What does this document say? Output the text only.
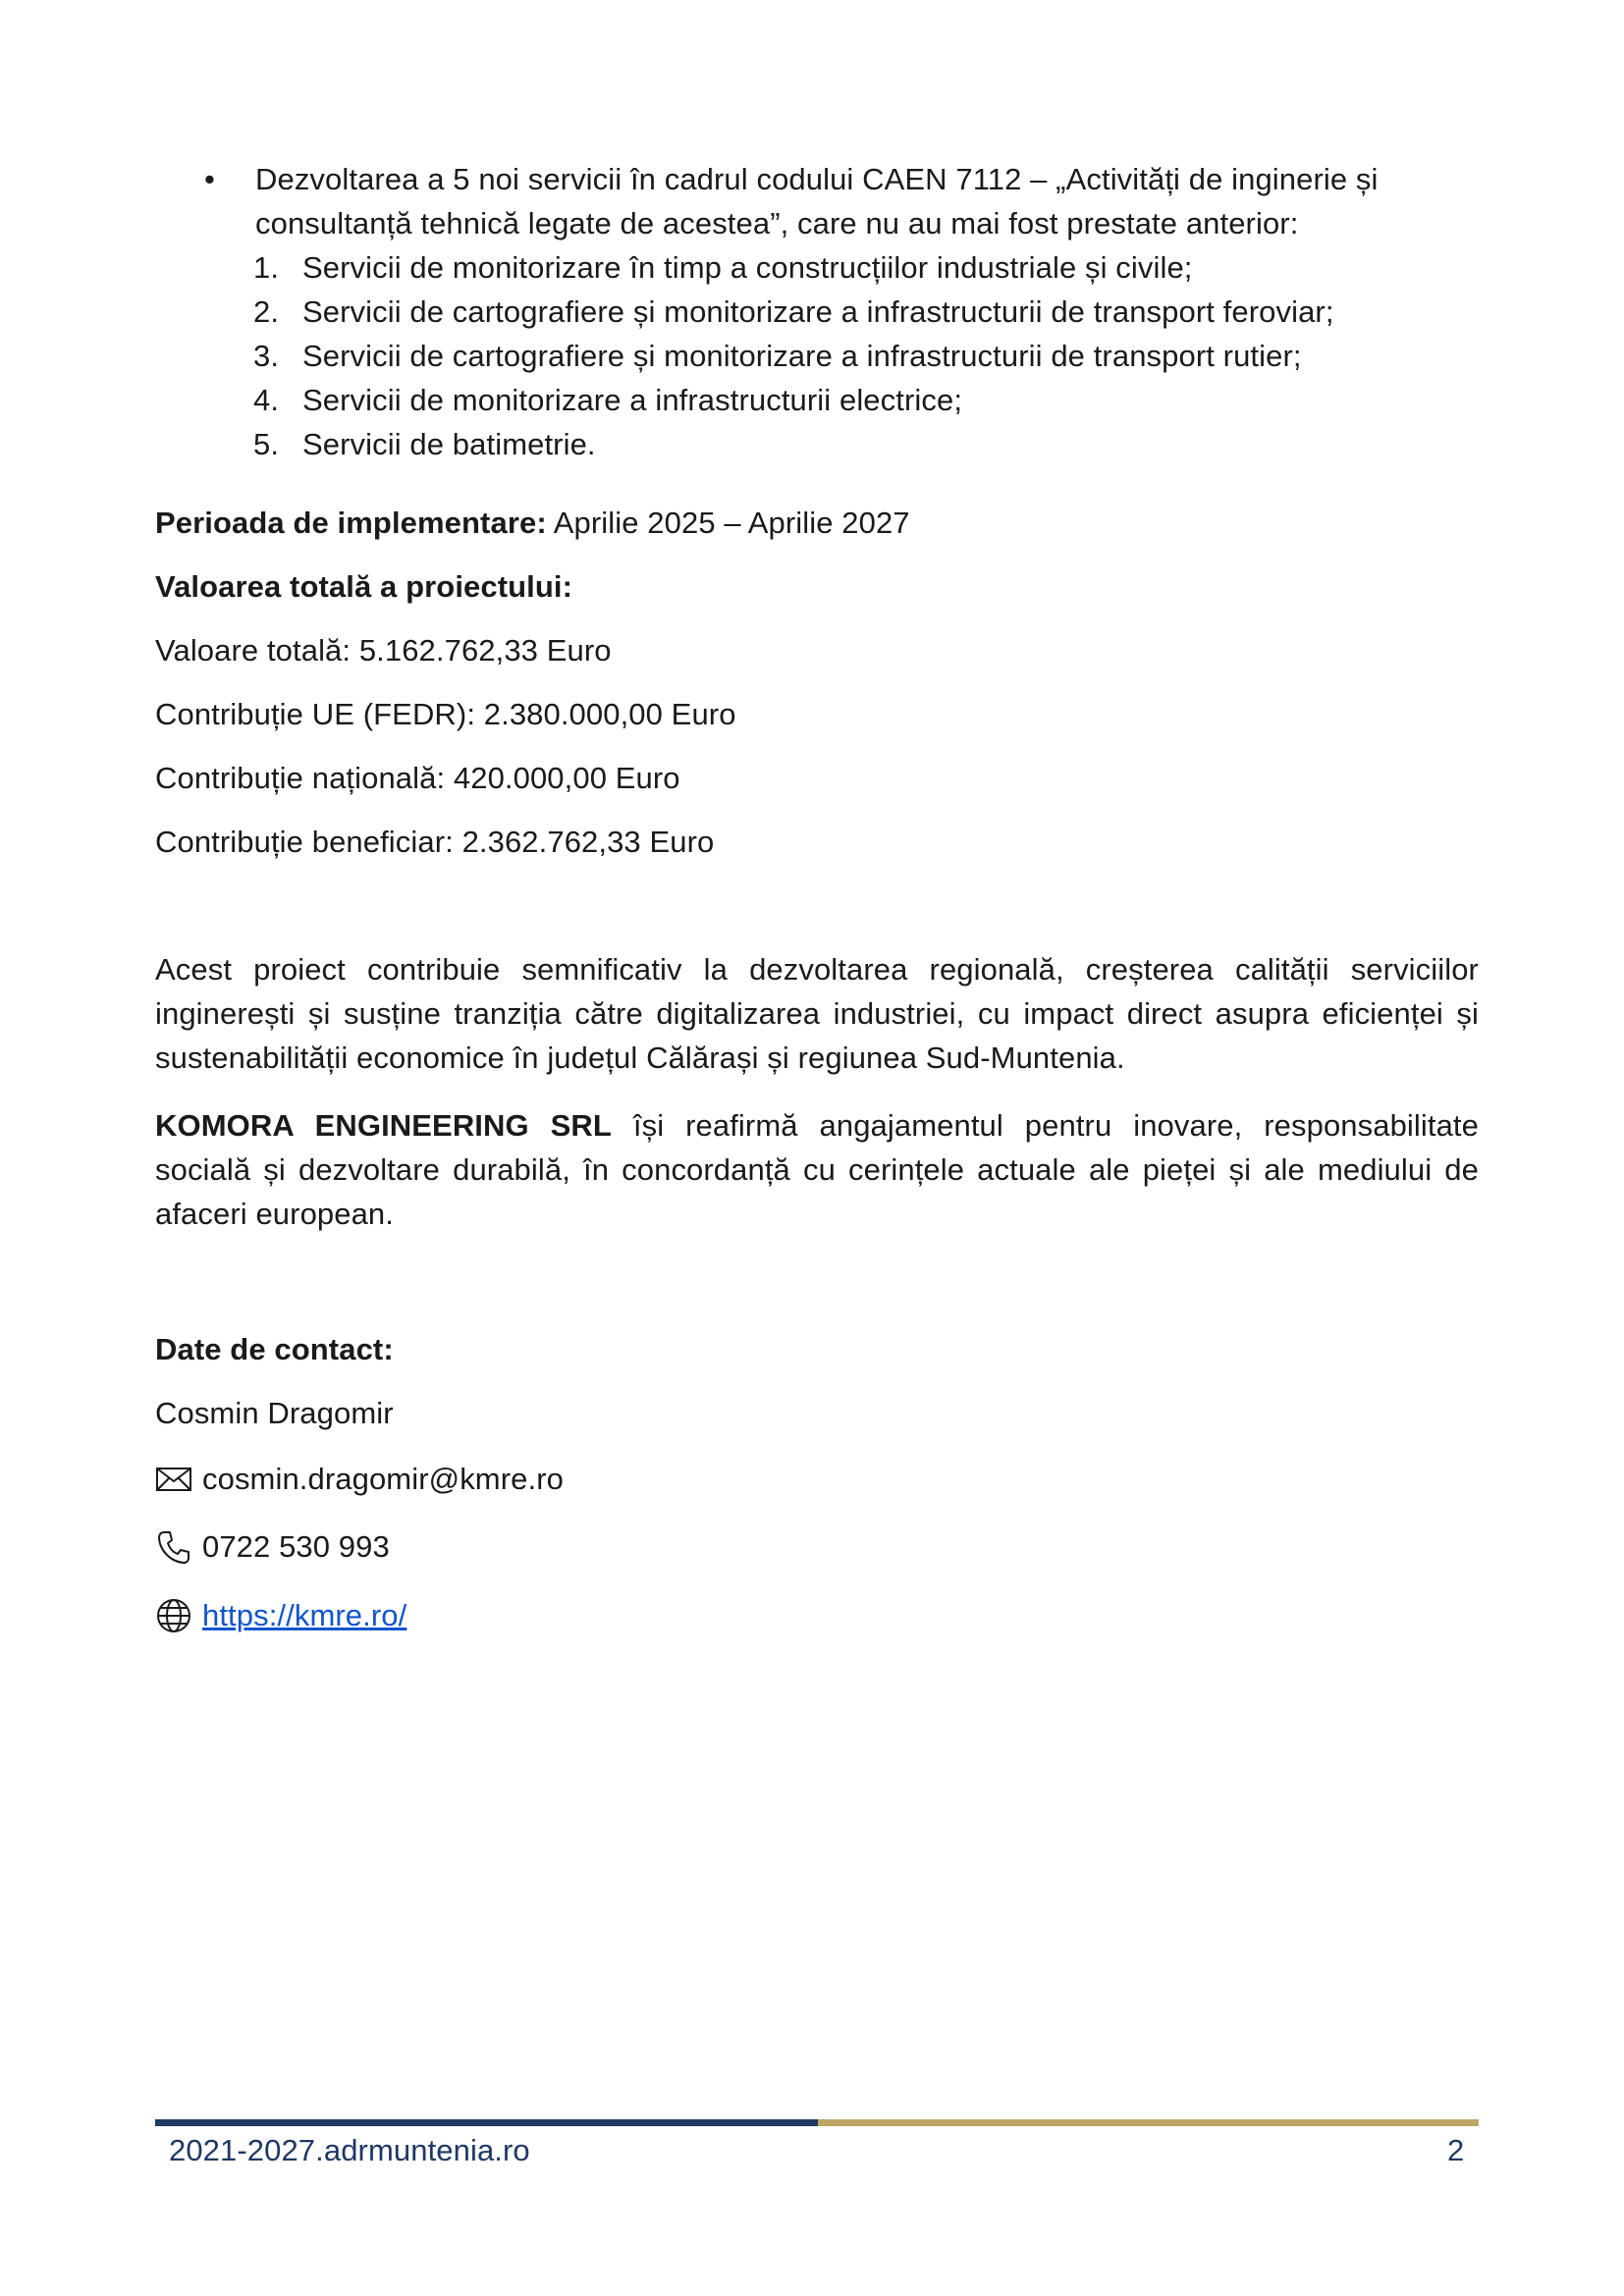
•	Dezvoltarea a 5 noi servicii în cadrul codului CAEN 7112 – „Activități de inginerie și
consultanță tehnică legate de acestea”, care nu au mai fost prestate anterior:
1. Servicii de monitorizare în timp a construcțiilor industriale și civile;
2. Servicii de cartografiere și monitorizare a infrastructurii de transport feroviar;
3. Servicii de cartografiere și monitorizare a infrastructurii de transport rutier;
4. Servicii de monitorizare a infrastructurii electrice;
5. Servicii de batimetrie.
Perioada de implementare: Aprilie 2025 – Aprilie 2027
Valoarea totală a proiectului:
Valoare totală: 5.162.762,33 Euro
Contribuție UE (FEDR): 2.380.000,00 Euro
Contribuție națională: 420.000,00 Euro
Contribuție beneficiar: 2.362.762,33 Euro
Acest proiect contribuie semnificativ la dezvoltarea regională, creșterea calității serviciilor inginerești și susține tranziția către digitalizarea industriei, cu impact direct asupra eficienței și sustenabilității economice în județul Călărași și regiunea Sud-Muntenia.
KOMORA ENGINEERING SRL își reafirmă angajamentul pentru inovare, responsabilitate socială și dezvoltare durabilă, în concordanță cu cerințele actuale ale pieței și ale mediului de afaceri european.
Date de contact:
Cosmin Dragomir
cosmin.dragomir@kmre.ro
0722 530 993
https://kmre.ro/
2021-2027.adrmuntenia.ro	2
